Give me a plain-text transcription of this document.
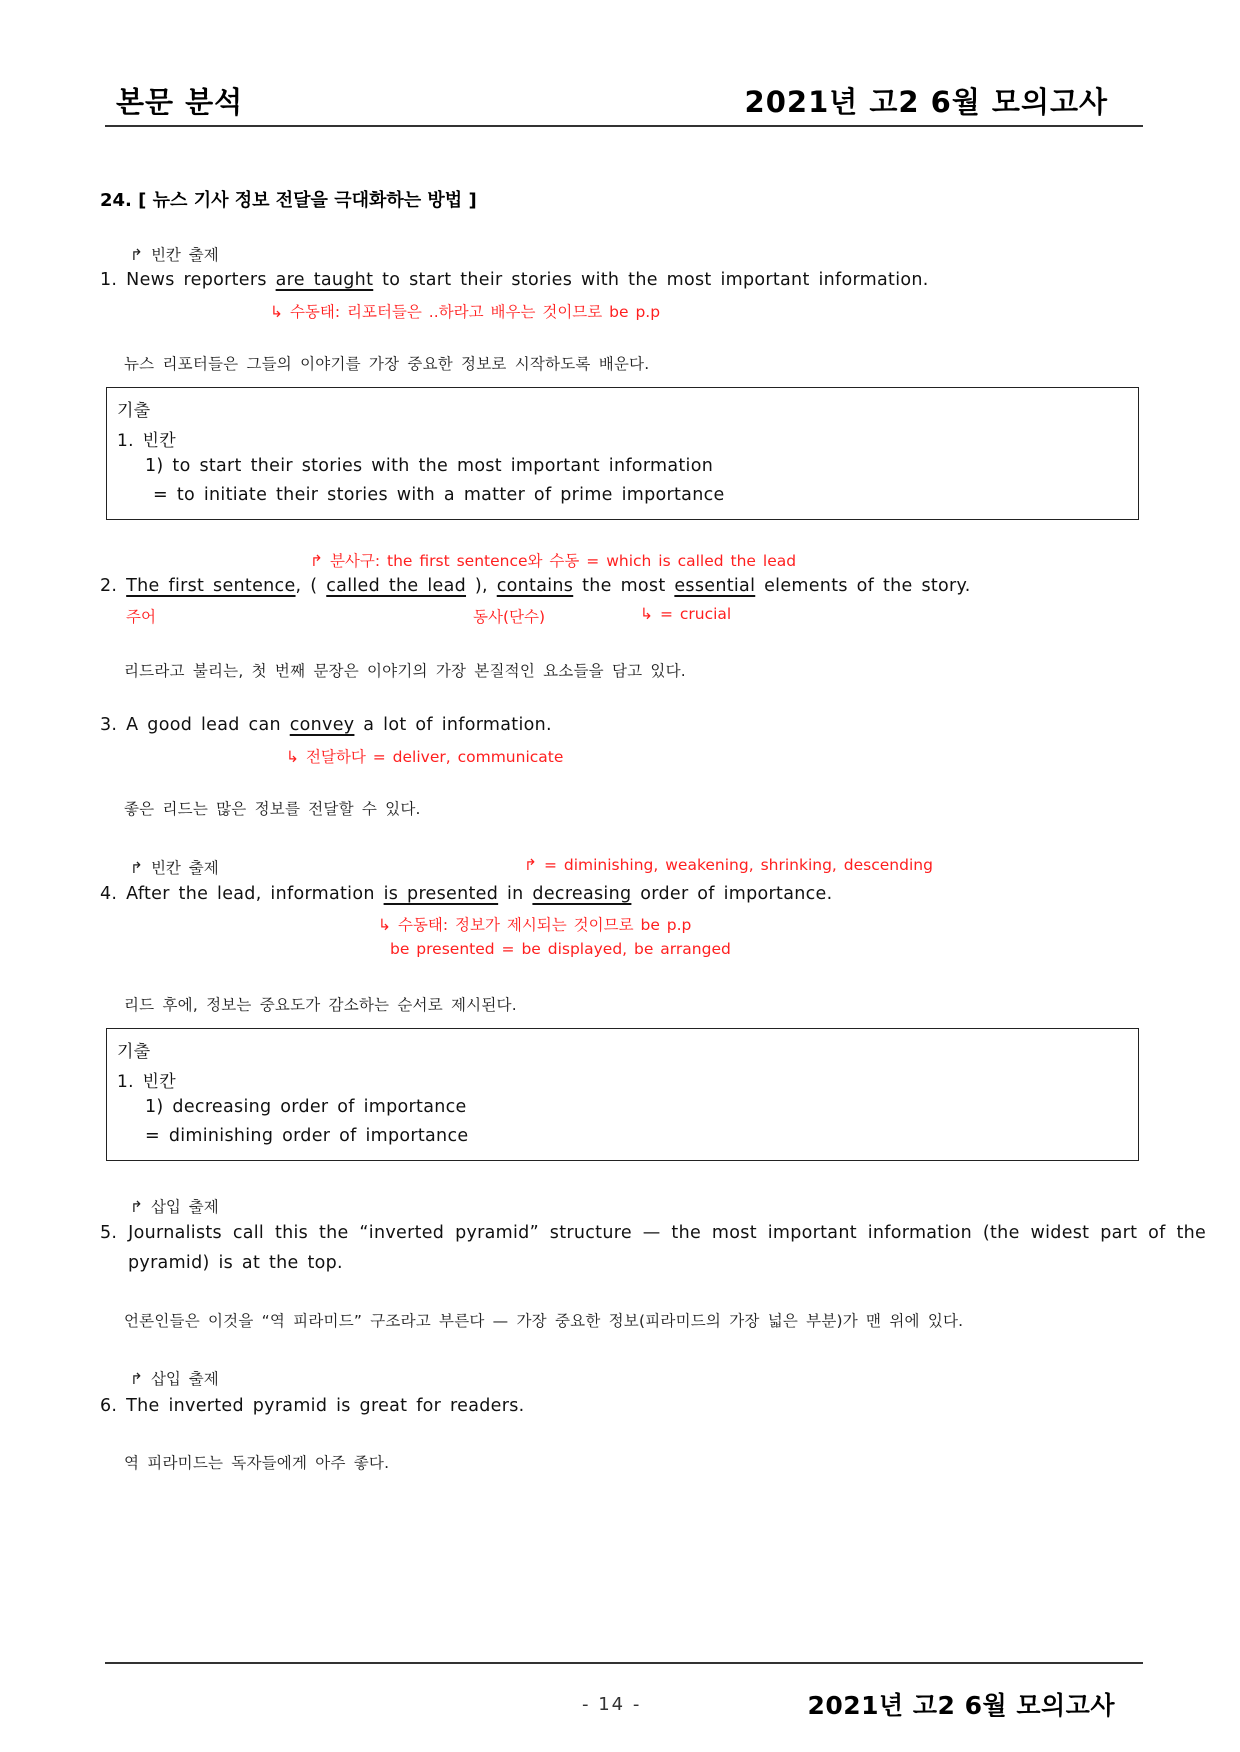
본문 분석	2021년 고2 6월 모의고사
24. [ 뉴스 기사 정보 전달을 극대화하는 방법 ]
↱ 빈칸 출제
1. News reporters are taught to start their stories with the most important information.
↳ 수동태: 리포터들은 ..하라고 배우는 것이므로 be p.p
뉴스 리포터들은 그들의 이야기를 가장 중요한 정보로 시작하도록 배운다.
기출
1. 빈칸
1) to start their stories with the most important information
= to initiate their stories with a matter of prime importance
↱ 분사구: the first sentence와 수동 = which is called the lead
2. The first sentence, ( called the lead ), contains the most essential elements of the story.
주어	동사(단수)	↳ = crucial
리드라고 불리는, 첫 번째 문장은 이야기의 가장 본질적인 요소들을 담고 있다.
3. A good lead can convey a lot of information.
↳ 전달하다 = deliver, communicate
좋은 리드는 많은 정보를 전달할 수 있다.
↱ 빈칸 출제	↱ = diminishing, weakening, shrinking, descending
4. After the lead, information is presented in decreasing order of importance.
↳ 수동태: 정보가 제시되는 것이므로 be p.p
be presented = be displayed, be arranged
리드 후에, 정보는 중요도가 감소하는 순서로 제시된다.
기출
1. 빈칸
1) decreasing order of importance
= diminishing order of importance
↱ 삽입 출제
5. Journalists call this the “inverted pyramid” structure — the most important information (the widest part of the
pyramid) is at the top.
언론인들은 이것을 “역 피라미드” 구조라고 부른다 — 가장 중요한 정보(피라미드의 가장 넓은 부분)가 맨 위에 있다.
↱ 삽입 출제
6. The inverted pyramid is great for readers.
역 피라미드는 독자들에게 아주 좋다.
- 14 -	2021년 고2 6월 모의고사
